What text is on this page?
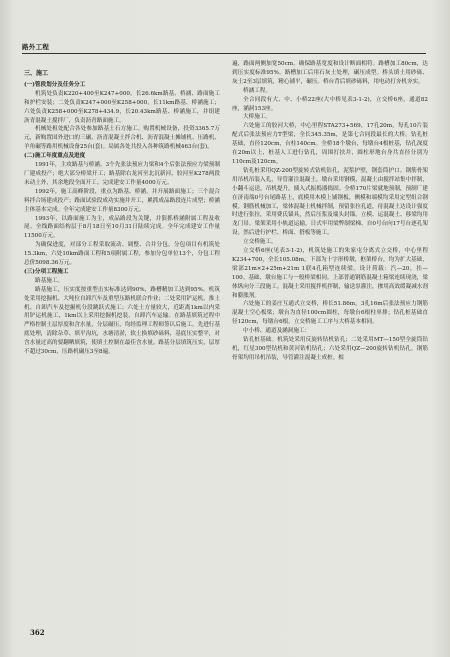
路外工程

三、施工

(一)管段划分及任务分工

机筑处负责K220+400至K247+000，长26.6km路基、桥涵、路面施工和护栏安装；二处负责K247+000至K258+000，长11km路基、桥涵施工；六处负责K258+000至K278+434.9，长20.43km路基、桥涵施工，并组建沥青混凝土搅拌厂，负责沥青路面施工。

机械处租处配合各处参加路基土石方施工。购置机械设备，投资3365.7万元，新购置国外进口的三碾、沥青混凝土拌合机、沥青混凝土摊铺机、压路机、羊角碾等路用机械设备25台(套)。局属各处共投入各种筑路机械463台(套)。

(二)施工年度重点及进度

1991年，主攻路基与桥涵。3个先张法预应力梁和4个后张法预应力梁预制厂建成投产；绝大部分桥梁开工；路基除右龙河至北沉新河、胶河至K278两段未动土外，其余地段全面开工。完成建安工作量4000万元。

1992年，施工高峰阶段，重点为路基、桥涵，并开展路面施工；三个混合料拌合场建成投产；路面试验段成功实施并开工，累抓成品路段连片成型；桥涵主体基本完成。全年完成建安工作量8300万元。

1993年，以路面施工为主，成品路段为关键，并狠抓桥涵附属工程及收尾。全线路面结构层于8月18日至10月31日陆续完成。全年完成建安工作量11500万元。

为确保进度，对部分工程采取流动、调整、合并分包，分包项目有机筑处15.3km，六处10km路面工程和5项附属工程，参加分包单位13个，分包工程总价5098.36万元。

(三)分项工程施工

路基施工。

路基施工，压实度按重型击实标准达到90%，路槽精加工达到95%。机筑处采用挖掘机、大吨位自卸汽车及重型压路机联合作业；二处采用铲运机、推土机、自卸汽车及挖掘机分段跳跃式施工；六处土方量较大，近距离1km以内采用铲运机施工，1km以上采用挖掘机挖装，自卸汽车运输。在路基填筑过程中严格控制土层厚度和含水量，分层碾压，均经监理工程师签认后施工。先进行基底处理，清除杂草、填平沟坑，水塘清淤，软土换填砂砾料，基底压实整平，对含水量过高的要翻晒填筑，使填土控制在最佳含水量。路基分层填筑压实，层厚不超过30cm，压路机碾压3至8遍。

遍，路面两侧加宽50cm，确保路基宽度和设计断面相符。路槽加工80cm，达到压实度标准95%。路槽加工后用石灰土处理，碾压成型。桥头填土用砂砾、灰土2至3层填筑，精心铺平，碾压。桥台背后填砂砾料，用电动打夯机夯实。

桥涵工程。

全合同段有大、中、小桥22座(大中桥见表3-1-2)，立交桥6座，通道82座，涵洞153座。

大桥施工。

六处施工的胶河大桥，中心里程STA273+569，17孔20m，每孔10片装配式后张法预应力T型梁，全长345.35m，是第七合同段最长的大桥。钻孔桩基础，直径120cm，台柱140cm。全桥18个墩台，每墩台4根桩基，钻孔深度在20m以上，桩基人工进行钻孔，周围打扶井，圆柱形地台身共直径分别为110cm及120cm。

钻孔桩采用QZ-200型旋转式钻机钻孔，泥浆护壁，钢套筒护口。钢筋骨架用吊机吊装入孔，导管灌注混凝土。墩台采用钢模，混凝土由搅拌站集中拌制，小翻斗运送，吊机提升，插入式振捣器捣固。全桥170片梁就地预制，预制厂建在济南端0号台尾路基上，底模用木模上铺钢板，侧模和端模均采用定型组合钢模。钢筋机械加工，梁体混凝土机械拌制，预留张拉孔道，待混凝土达设计强度时进行张拉，采用费氏锚具，然后压浆及端头封锚。立模、运混凝土、移梁均用龙门吊。梁架采用小轨道运输，日式牢用梁弊制梁梯，自0号台向17号台逐孔架设。然后进行护栏、桥面、搭板等施工。

立交桥施工。

立交桥6座(见表3-1-2)，机筑处施工的朱家屯分离式立交桥，中心里程K234+700，全长105.08m，下部为十字形桥墩，框架桥台，均为扩大基础，梁部21m×2+25m+21m 1联4孔箱型连续梁。设计荷载：汽—20，挂—100。基础、墩台施工与一般桥梁相同。上部普通钢筋混凝土箱梁连续现浇，梁体纵向分三段施工。混凝土采用搅拌机拌制，输送泵灌注，掺用高效缓凝减水剂和膨胀剂。

六处施工的姜庄互通式立交桥，桥长51.86m，3孔16m后张法预应力钢筋混凝土空心板梁；墩台为直径100cm圆柱，每墩台6根柱单排；钻孔桩基础直径120cm，每墩台6根。立交桥施工工序与大桥基本相同。

中小桥、通道及涵洞施工：

钻孔桩基础。机筑处采用反旋转钻机钻孔；二处采用MT—150型全旋筒钻机，红星300型钻机和黄河钻机钻孔；六处采用QZ—200旋转钻机钻孔。钢筋骨架均用吊机吊装，导管灌注混凝土成桩。根

362
